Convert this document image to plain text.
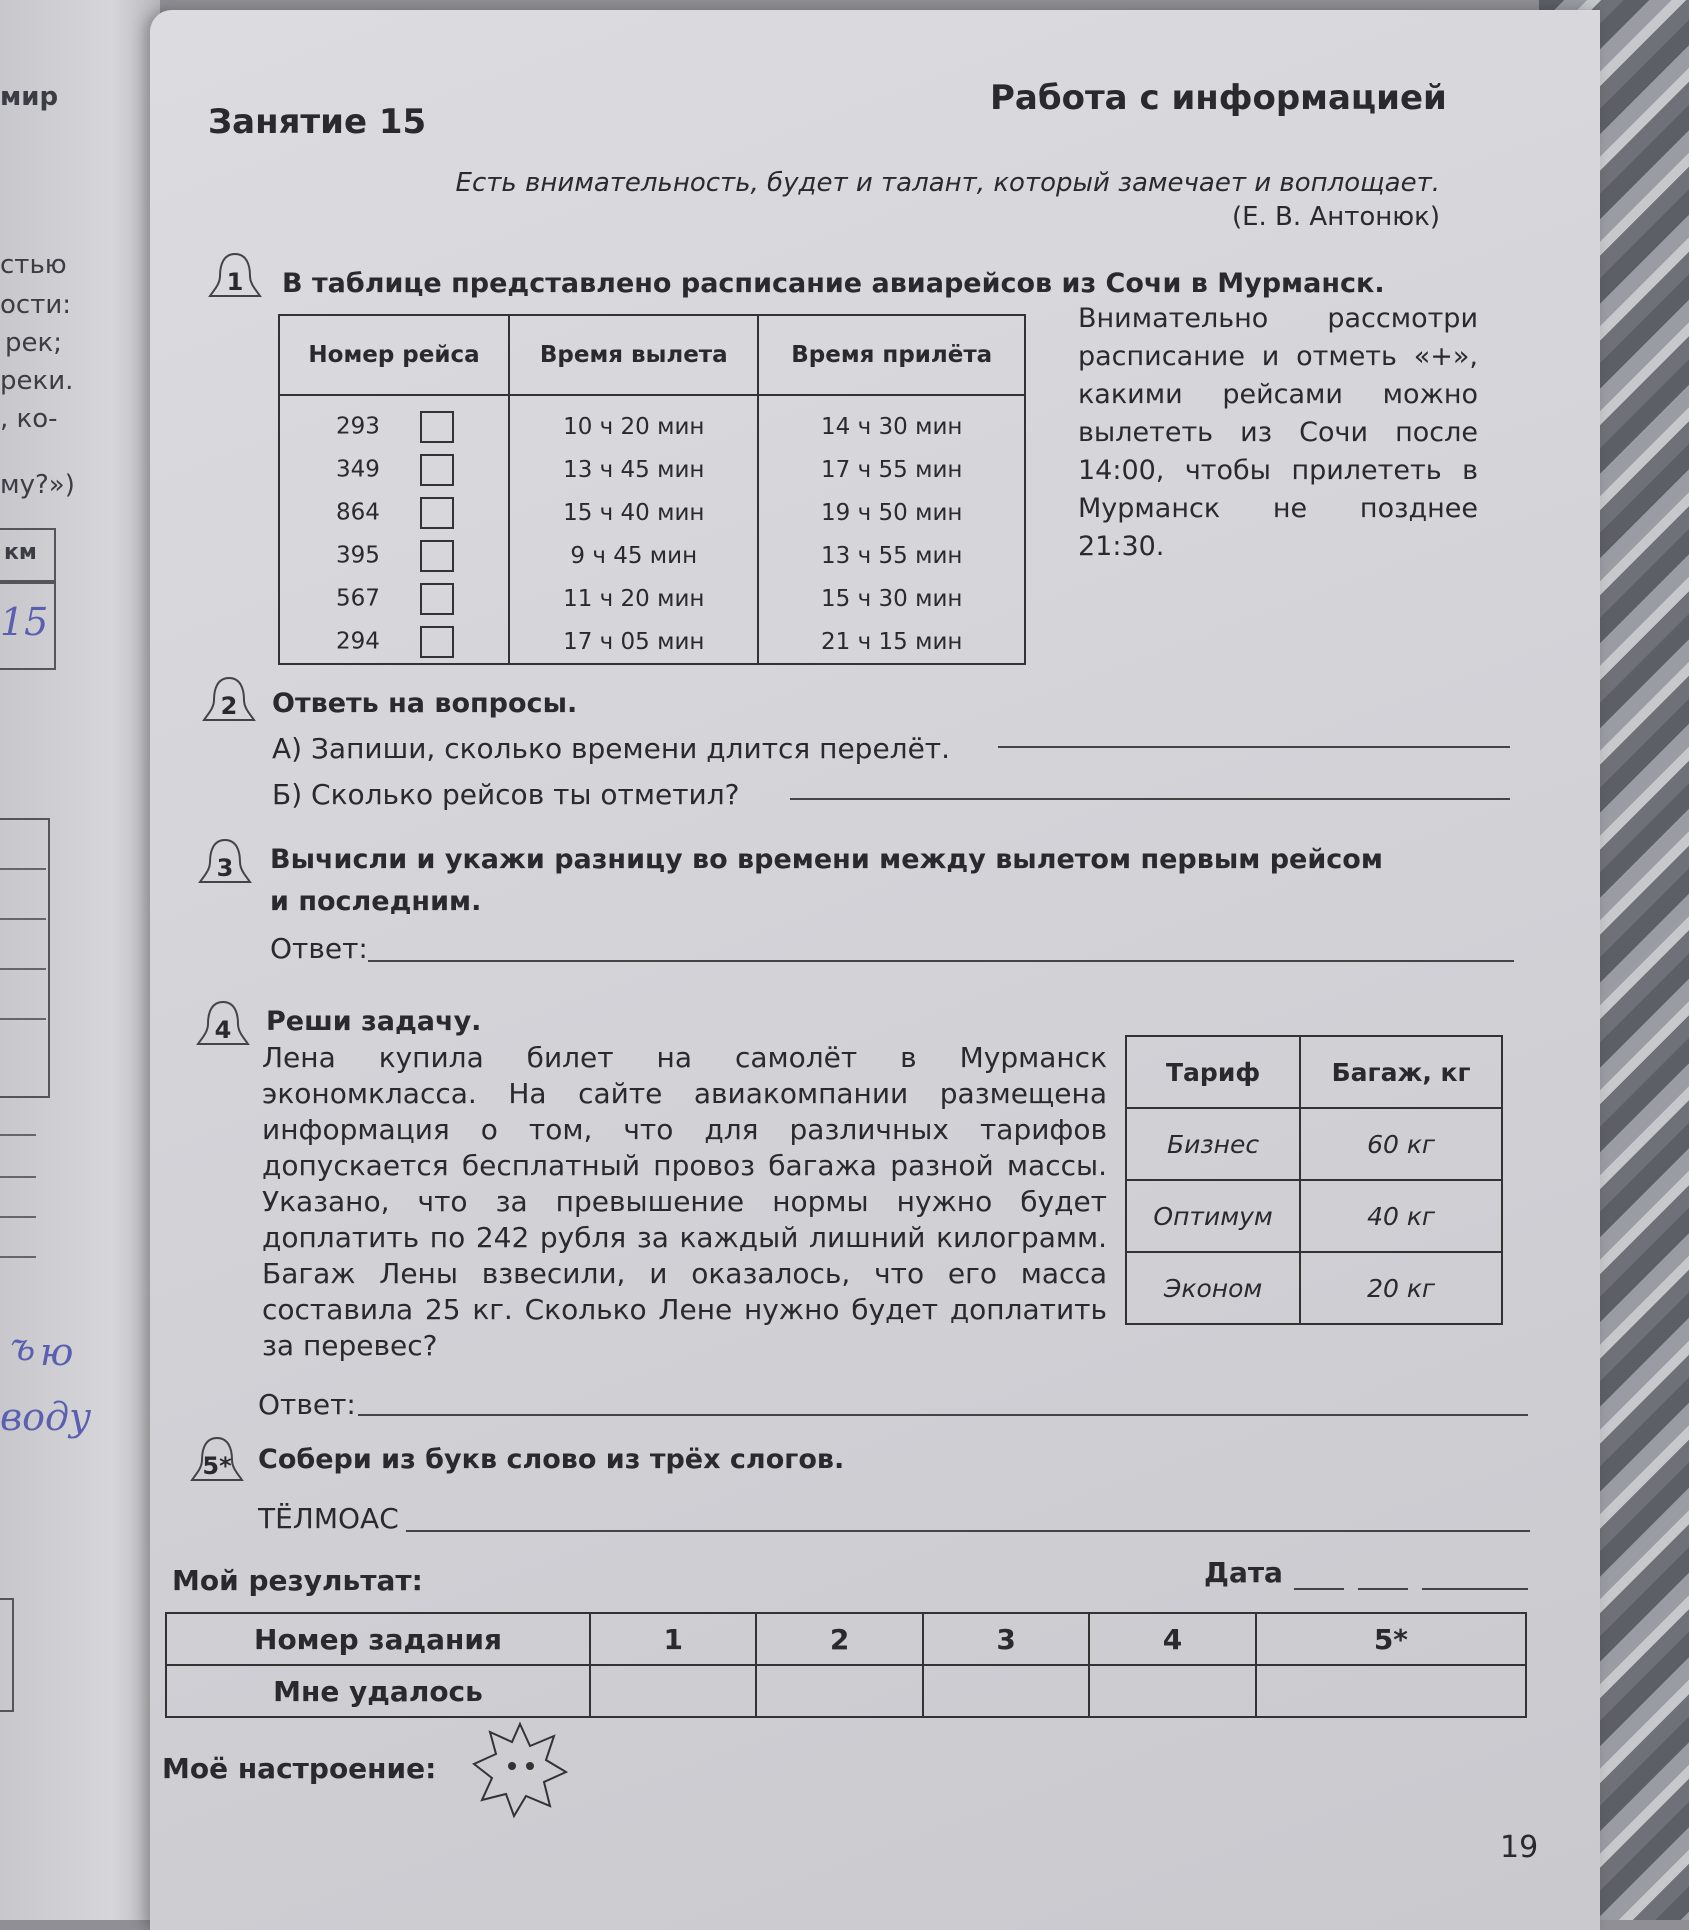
мир
стью
ости:
рек;
реки.
, ко-
му?»)
км
15
ъ ю
воду
Занятие 15
Работа с информацией
Есть внимательность, будет и талант, который замечает и воплощает.
(Е. В. Антонюк)
1	В таблице представлено расписание авиарейсов из Сочи в Мурманск.
Номер рейса	Время вылета	Время прилёта
293	10 ч 20 мин	14 ч 30 мин
349	13 ч 45 мин	17 ч 55 мин
864	15 ч 40 мин	19 ч 50 мин
395	9 ч 45 мин	13 ч 55 мин
567	11 ч 20 мин	15 ч 30 мин
294	17 ч 05 мин	21 ч 15 мин
Внимательно рассмотри расписание и отметь «+», какими рейсами можно вылететь из Сочи после 14:00, чтобы прилететь в Мурманск не позднее 21:30.
2	Ответь на вопросы.
А) Запиши, сколько времени длится перелёт.
Б) Сколько рейсов ты отметил?
3	Вычисли и укажи разницу во времени между вылетом первым рейсом
и последним.
Ответ:
4	Реши задачу.
Лена купила билет на самолёт в Мурманск экономкласса. На сайте авиакомпании размещена информация о том, что для различных тарифов допускается бесплатный провоз багажа разной массы. Указано, что за превышение нормы нужно будет доплатить по 242 рубля за каждый лишний килограмм. Багаж Лены взвесили, и оказалось, что его масса составила 25 кг. Сколько Лене нужно будет доплатить за перевес?
Тариф	Багаж, кг
Бизнес	60 кг
Оптимум	40 кг
Эконом	20 кг
Ответ:
5* Собери из букв слово из трёх слогов.
ТЁЛМОАС
Мой результат:	Дата
Номер задания	1	2	3	4	5*
Мне удалось					
Моё настроение:
19
